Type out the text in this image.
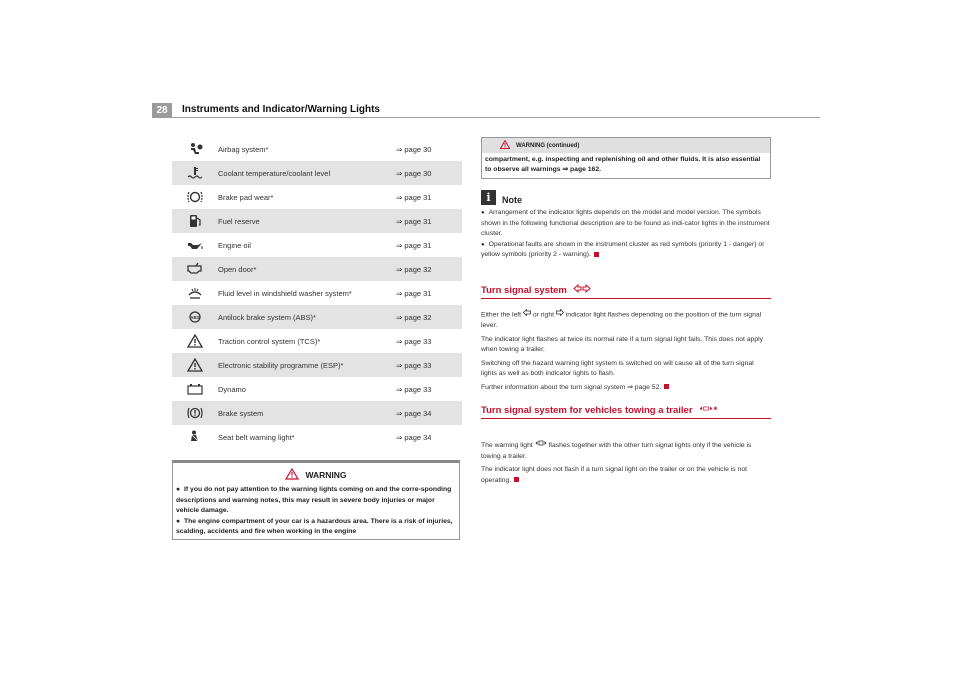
28	Instruments and Indicator/Warning Lights
Airbag system*	⇒ page 30
Coolant temperature/coolant level	⇒ page 30
Brake pad wear*	⇒ page 31
Fuel reserve	⇒ page 31
Engine oil	⇒ page 31
Open door*	⇒ page 32
Fluid level in windshield washer system*	⇒ page 31
ABS Antilock brake system (ABS)*	⇒ page 32
Traction control system (TCS)*	⇒ page 33
Electronic stability programme (ESP)*	⇒ page 33
Dynamo	⇒ page 33
Brake system	⇒ page 34
Seat belt warning light*	⇒ page 34
WARNING
● If you do not pay attention to the warning lights coming on and the corre-sponding descriptions and warning notes, this may result in severe body injuries or major vehicle damage.
● The engine compartment of your car is a hazardous area. There is a risk of injuries, scalding, accidents and fire when working in the engine
WARNING (continued)
compartment, e.g. inspecting and replenishing oil and other fluids. It is also essential to observe all warnings ⇒ page 162.
i	Note
● Arrangement of the indicator lights depends on the model and model version. The symbols shown in the following functional description are to be found as indi-cator lights in the instrument cluster.
● Operational faults are shown in the instrument cluster as red symbols (priority 1 - danger) or yellow symbols (priority 2 - warning).
Turn signal system

Either the left or right indicator light flashes depending on the position of the turn signal lever.

The indicator light flashes at twice its normal rate if a turn signal light fails. This does not apply when towing a trailer.

Switching off the hazard warning light system is switched on will cause all of the turn signal lights as well as both indicator lights to flash.

Further information about the turn signal system ⇒ page 52.

Turn signal system for vehicles towing a trailer *

The warning light flashes together with the other turn signal lights only if the vehicle is towing a trailer.

The indicator light does not flash if a turn signal light on the trailer or on the vehicle is not operating.
